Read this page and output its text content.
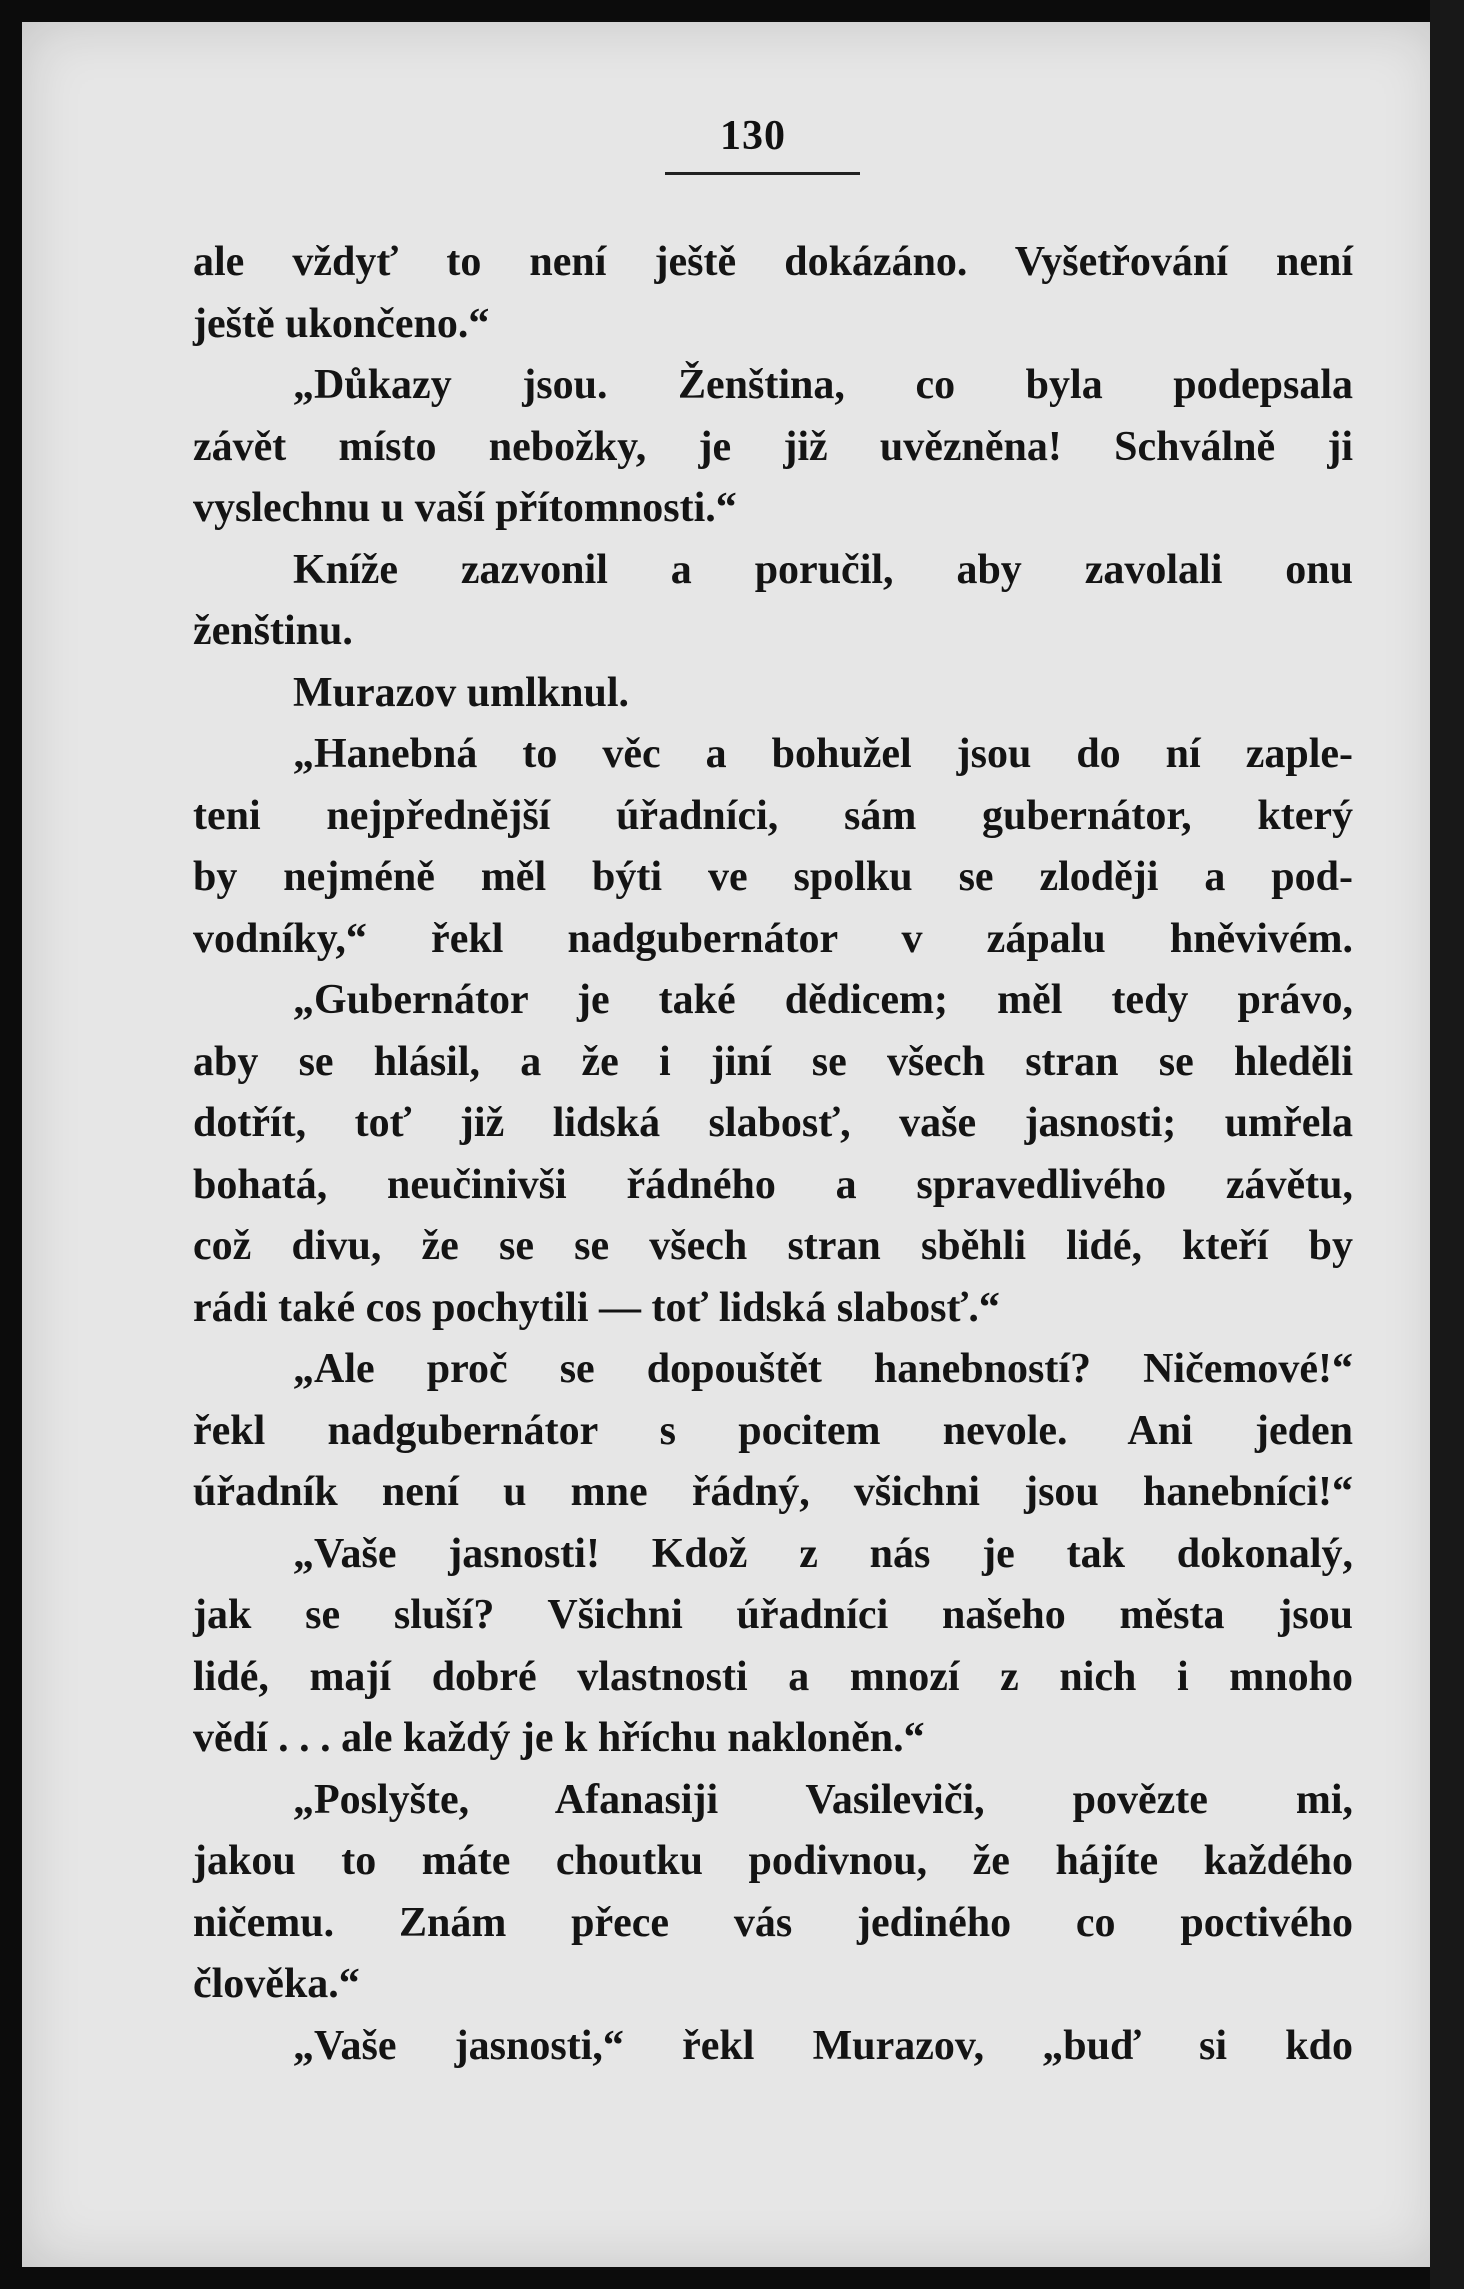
130
ale vždyť to není ještě dokázáno. Vyšetřování není
ještě ukončeno.“
„Důkazy jsou. Ženština, co byla podepsala
závět místo nebožky, je již uvězněna! Schválně ji
vyslechnu u vaší přítomnosti.“
Kníže zazvonil a poručil, aby zavolali onu
ženštinu.
Murazov umlknul.
„Hanebná to věc a bohužel jsou do ní zaple-
teni nejpřednější úřadníci, sám gubernátor, který
by nejméně měl býti ve spolku se zloději a pod-
vodníky,“ řekl nadgubernátor v zápalu hněvivém.
„Gubernátor je také dědicem; měl tedy právo,
aby se hlásil, a že i jiní se všech stran se hleděli
dotřít, toť již lidská slabosť, vaše jasnosti; umřela
bohatá, neučinivši řádného a spravedlivého závětu,
což divu, že se se všech stran sběhli lidé, kteří by
rádi také cos pochytili — toť lidská slabosť.“
„Ale proč se dopouštět hanebností? Ničemové!“
řekl nadgubernátor s pocitem nevole. Ani jeden
úřadník není u mne řádný, všichni jsou hanebníci!“
„Vaše jasnosti! Kdož z nás je tak dokonalý,
jak se sluší? Všichni úřadníci našeho města jsou
lidé, mají dobré vlastnosti a mnozí z nich i mnoho
vědí . . . ale každý je k hříchu nakloněn.“
„Poslyšte, Afanasiji Vasileviči, povězte mi,
jakou to máte choutku podivnou, že hájíte každého
ničemu. Znám přece vás jediného co poctivého
člověka.“
„Vaše jasnosti,“ řekl Murazov, „buď si kdo
